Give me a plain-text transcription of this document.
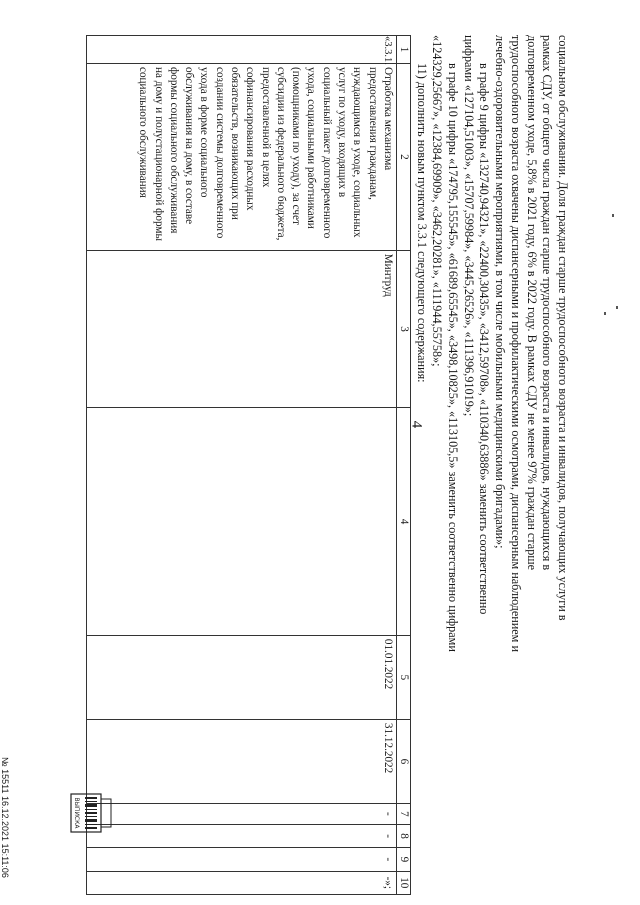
4	социальном обслуживании. Доля граждан старше трудоспособного возраста и инвалидов, получающих услуги в
рамках СДУ, от общего числа граждан старше трудоспособного возраста и инвалидов, нуждающихся в
долговременном уходе, 5,8% в 2021 году, 6% в 2022 году. В рамках СДУ не менее 97% граждан старше
трудоспособного возраста охвачены диспансерными и профилактическими осмотрами, диспансерным наблюдением и
лечебно-оздоровительными мероприятиями, в том числе мобильными медицинскими бригадами»;
в графе 9 цифры «132740,94321», «22400,30435», «3412,59708», «110340,63886» заменить соответственно
цифрами «127104,51003», «15707,59984», «3445,26526», «111396,91019»;
в графе 10 цифры «174795,155545», «61689,65545», «3498,10825», «113105,5» заменить соответственно цифрами
«124329,25667», «12384,69909», «3462,20281», «111944,55758»;
11) дополнить новым пунктом 3.3.1 следующего содержания:
1	2	3	4	5	6	7	8	9	10
«3.3.1.	Отработка механизма предоставления гражданам, нуждающимся в уходе, социальных услуг по уходу, входящих в социальный пакет долговременного ухода, социальными работниками (помощниками по уходу), за счет субсидии из федерального бюджета, предоставленной в целях софинансирования расходных обязательств, возникающих при создании системы долговременного ухода в форме социального обслуживания на дому, в составе формы социального обслуживания на дому и полустационарной формы социального обслуживания	Минтруд		01.01.2022	31.12.2022	-	-	-	-»;
ВЫПИСКА
№ 15511 16.12.2021 15:11:06
